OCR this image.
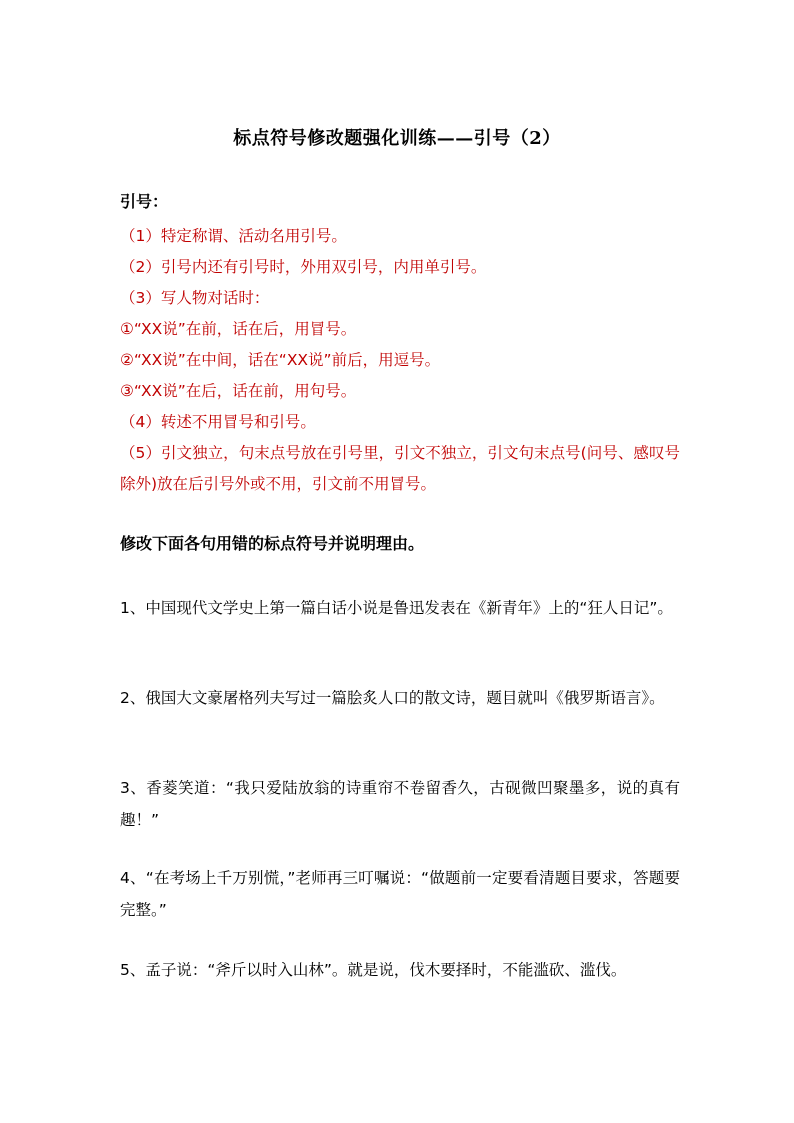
标点符号修改题强化训练——引号（2）
引号：
（1）特定称谓、活动名用引号。
（2）引号内还有引号时，外用双引号，内用单引号。
（3）写人物对话时：
①“XX说”在前，话在后，用冒号。
②“XX说”在中间，话在“XX说”前后，用逗号。
③“XX说”在后，话在前，用句号。
（4）转述不用冒号和引号。
（5）引文独立，句末点号放在引号里，引文不独立，引文句末点号(问号、感叹号除外)放在后引号外或不用，引文前不用冒号。
修改下面各句用错的标点符号并说明理由。
1、中国现代文学史上第一篇白话小说是鲁迅发表在《新青年》上的“狂人日记”。
2、俄国大文豪屠格列夫写过一篇脍炙人口的散文诗，题目就叫《俄罗斯语言》。
3、香菱笑道：“我只爱陆放翁的诗重帘不卷留香久，古砚微凹聚墨多，说的真有趣！”
4、“在考场上千万别慌，”老师再三叮嘱说：“做题前一定要看清题目要求，答题要完整。”
5、孟子说：“斧斤以时入山林”。就是说，伐木要择时，不能滥砍、滥伐。
